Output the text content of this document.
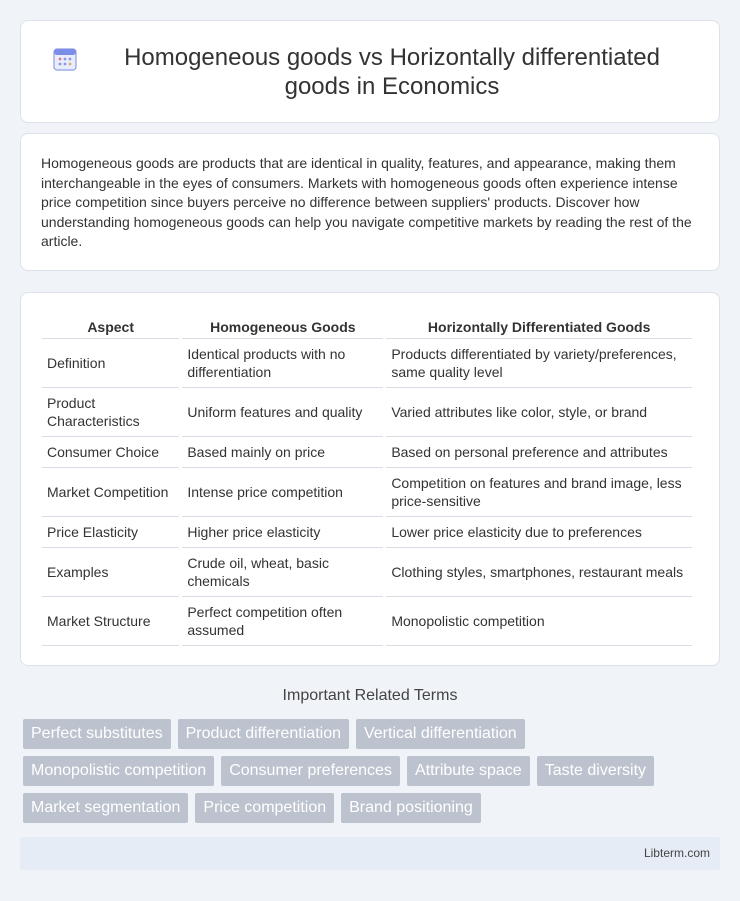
Homogeneous goods vs Horizontally differentiated goods in Economics

Homogeneous goods are products that are identical in quality, features, and appearance, making them interchangeable in the eyes of consumers. Markets with homogeneous goods often experience intense price competition since buyers perceive no difference between suppliers' products. Discover how understanding homogeneous goods can help you navigate competitive markets by reading the rest of the article.

Aspect	Homogeneous Goods	Horizontally Differentiated Goods
Definition	Identical products with no differentiation	Products differentiated by variety/preferences, same quality level
Product Characteristics	Uniform features and quality	Varied attributes like color, style, or brand
Consumer Choice	Based mainly on price	Based on personal preference and attributes
Market Competition	Intense price competition	Competition on features and brand image, less price-sensitive
Price Elasticity	Higher price elasticity	Lower price elasticity due to preferences
Examples	Crude oil, wheat, basic chemicals	Clothing styles, smartphones, restaurant meals
Market Structure	Perfect competition often assumed	Monopolistic competition
Important Related Terms
Perfect substitutes	Product differentiation	Vertical differentiation
Monopolistic competition	Consumer preferences	Attribute space	Taste diversity
Market segmentation	Price competition	Brand positioning
Libterm.com
